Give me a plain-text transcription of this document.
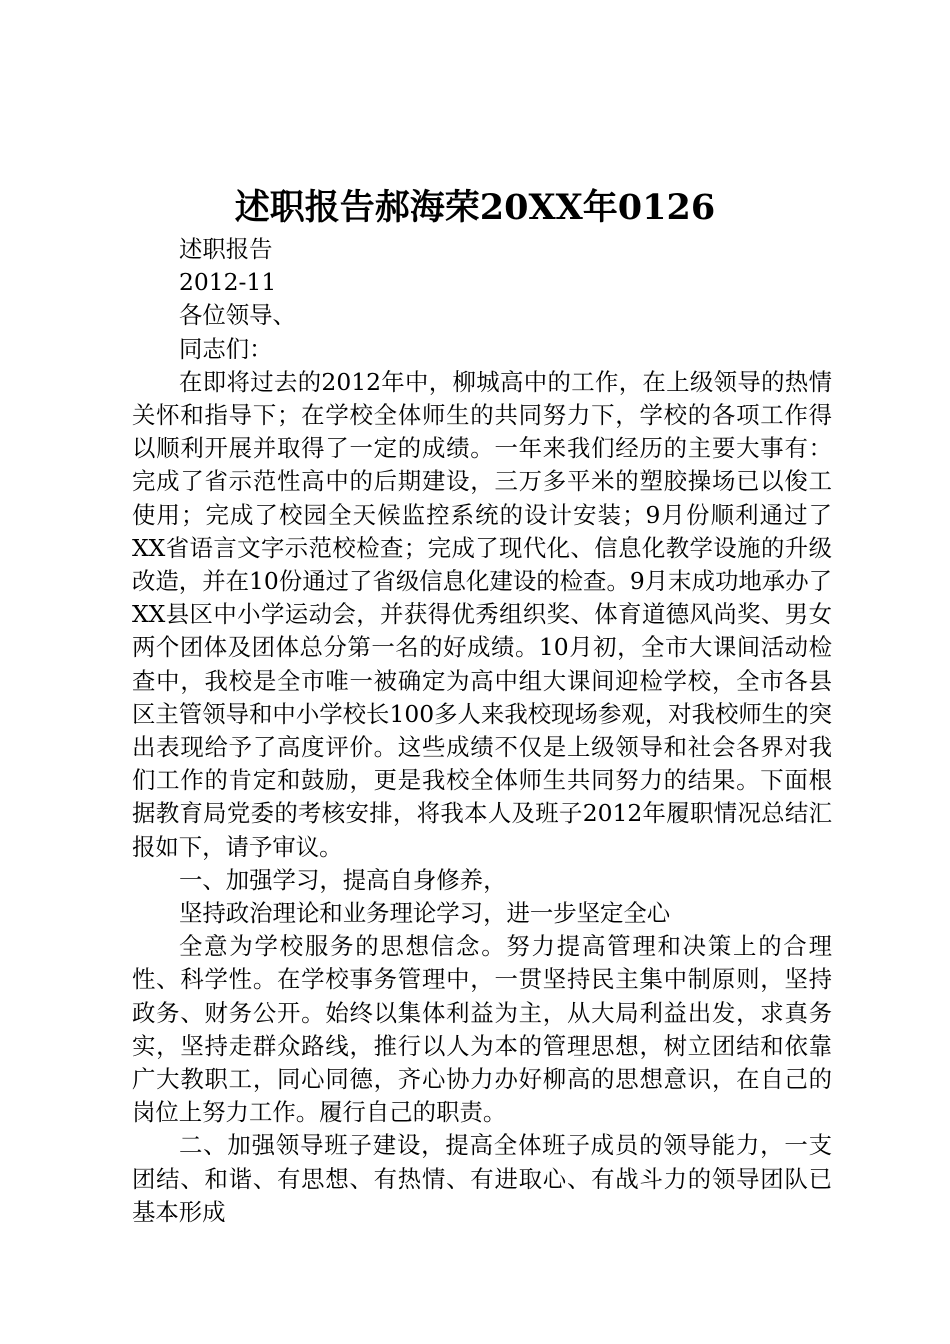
述职报告郝海荣20XX年0126

述职报告

2012-11

各位领导、

同志们：

在即将过去的2012年中，柳城高中的工作，在上级领导的热情关怀和指导下；在学校全体师生的共同努力下，学校的各项工作得以顺利开展并取得了一定的成绩。一年来我们经历的主要大事有：完成了省示范性高中的后期建设，三万多平米的塑胶操场已以俊工使用；完成了校园全天候监控系统的设计安装；9月份顺利通过了XX省语言文字示范校检查；完成了现代化、信息化教学设施的升级改造，并在10份通过了省级信息化建设的检查。9月末成功地承办了XX县区中小学运动会，并获得优秀组织奖、体育道德风尚奖、男女两个团体及团体总分第一名的好成绩。10月初，全市大课间活动检查中，我校是全市唯一被确定为高中组大课间迎检学校，全市各县区主管领导和中小学校长100多人来我校现场参观，对我校师生的突出表现给予了高度评价。这些成绩不仅是上级领导和社会各界对我们工作的肯定和鼓励，更是我校全体师生共同努力的结果。下面根据教育局党委的考核安排，将我本人及班子2012年履职情况总结汇报如下，请予审议。

一、加强学习，提高自身修养，

坚持政治理论和业务理论学习，进一步坚定全心

全意为学校服务的思想信念。努力提高管理和决策上的合理性、科学性。在学校事务管理中，一贯坚持民主集中制原则，坚持政务、财务公开。始终以集体利益为主，从大局利益出发，求真务实，坚持走群众路线，推行以人为本的管理思想，树立团结和依靠广大教职工，同心同德，齐心协力办好柳高的思想意识，在自己的岗位上努力工作。履行自己的职责。

二、加强领导班子建设，提高全体班子成员的领导能力，一支团结、和谐、有思想、有热情、有进取心、有战斗力的领导团队已基本形成
